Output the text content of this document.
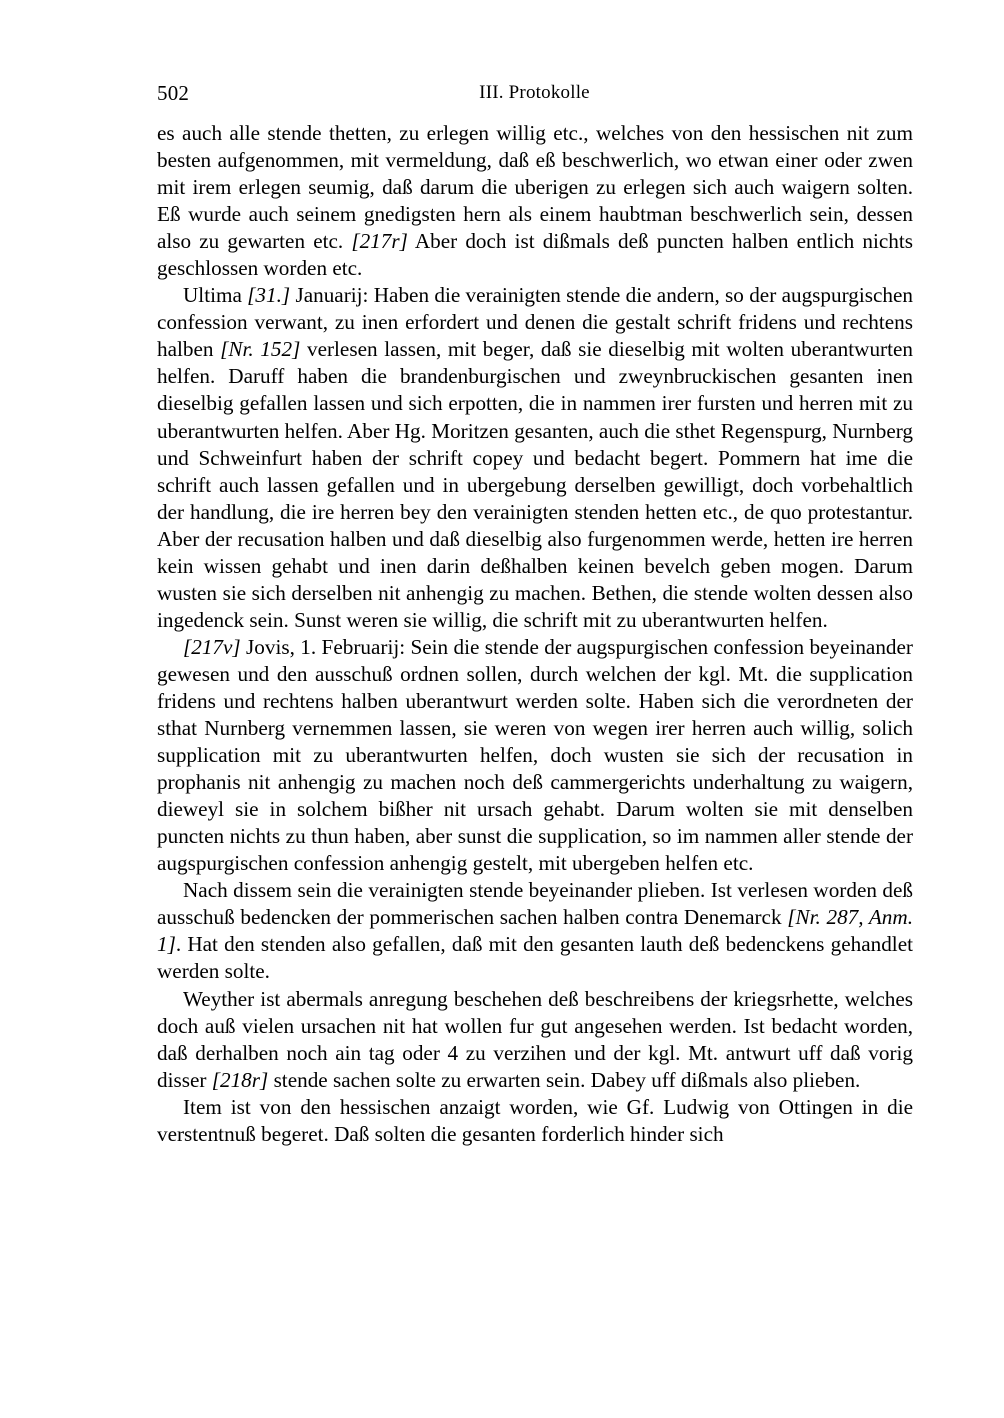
502	III. Protokolle

es auch alle stende thetten, zu erlegen willig etc., welches von den hessischen nit zum besten aufgenommen, mit vermeldung, daß eß beschwerlich, wo etwan einer oder zwen mit irem erlegen seumig, daß darum die uberigen zu erlegen sich auch waigern solten. Eß wurde auch seinem gnedigsten hern als einem haubtman beschwerlich sein, dessen also zu gewarten etc. [217r] Aber doch ist dißmals deß puncten halben entlich nichts geschlossen worden etc.

Ultima [31.] Januarij: Haben die verainigten stende die andern, so der augspurgischen confession verwant, zu inen erfordert und denen die gestalt schrift fridens und rechtens halben [Nr. 152] verlesen lassen, mit beger, daß sie dieselbig mit wolten uberantwurten helfen. Daruff haben die brandenburgischen und zweynbruckischen gesanten inen dieselbig gefallen lassen und sich erpotten, die in nammen irer fursten und herren mit zu uberantwurten helfen. Aber Hg. Moritzen gesanten, auch die sthet Regenspurg, Nurnberg und Schweinfurt haben der schrift copey und bedacht begert. Pommern hat ime die schrift auch lassen gefallen und in ubergebung derselben gewilligt, doch vorbehaltlich der handlung, die ire herren bey den verainigten stenden hetten etc., de quo protestantur. Aber der recusation halben und daß dieselbig also furgenommen werde, hetten ire herren kein wissen gehabt und inen darin deßhalben keinen bevelch geben mogen. Darum wusten sie sich derselben nit anhengig zu machen. Bethen, die stende wolten dessen also ingedenck sein. Sunst weren sie willig, die schrift mit zu uberantwurten helfen.

[217v] Jovis, 1. Februarij: Sein die stende der augspurgischen confession beyeinander gewesen und den ausschuß ordnen sollen, durch welchen der kgl. Mt. die supplication fridens und rechtens halben uberantwurt werden solte. Haben sich die verordneten der sthat Nurnberg vernemmen lassen, sie weren von wegen irer herren auch willig, solich supplication mit zu uberantwurten helfen, doch wusten sie sich der recusation in prophanis nit anhengig zu machen noch deß cammergerichts underhaltung zu waigern, dieweyl sie in solchem bißher nit ursach gehabt. Darum wolten sie mit denselben puncten nichts zu thun haben, aber sunst die supplication, so im nammen aller stende der augspurgischen confession anhengig gestelt, mit ubergeben helfen etc.

Nach dissem sein die verainigten stende beyeinander plieben. Ist verlesen worden deß ausschuß bedencken der pommerischen sachen halben contra Denemarck [Nr. 287, Anm. 1]. Hat den stenden also gefallen, daß mit den gesanten lauth deß bedenckens gehandlet werden solte.

Weyther ist abermals anregung beschehen deß beschreibens der kriegsrhette, welches doch auß vielen ursachen nit hat wollen fur gut angesehen werden. Ist bedacht worden, daß derhalben noch ain tag oder 4 zu verzihen und der kgl. Mt. antwurt uff daß vorig disser [218r] stende sachen solte zu erwarten sein. Dabey uff dißmals also plieben.

Item ist von den hessischen anzaigt worden, wie Gf. Ludwig von Ottingen in die verstentnuß begeret. Daß solten die gesanten forderlich hinder sich
